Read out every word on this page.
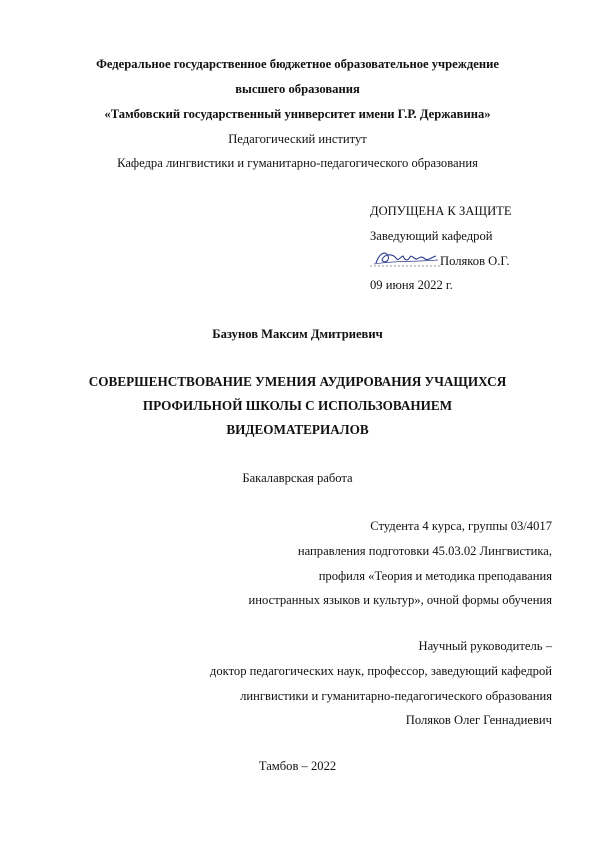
Федеральное государственное бюджетное образовательное учреждение
высшего образования
«Тамбовский государственный университет имени Г.Р. Державина»
Педагогический институт
Кафедра лингвистики и гуманитарно-педагогического образования
ДОПУЩЕНА К ЗАЩИТЕ
Заведующий кафедрой
Поляков О.Г.
09 июня 2022 г.
Базунов Максим Дмитриевич
СОВЕРШЕНСТВОВАНИЕ УМЕНИЯ АУДИРОВАНИЯ УЧАЩИХСЯ
ПРОФИЛЬНОЙ ШКОЛЫ С ИСПОЛЬЗОВАНИЕМ
ВИДЕОМАТЕРИАЛОВ
Бакалаврская работа
Студента 4 курса, группы 03/4017
направления подготовки 45.03.02 Лингвистика,
профиля «Теория и методика преподавания
иностранных языков и культур», очной формы обучения
Научный руководитель –
доктор педагогических наук, профессор, заведующий кафедрой
лингвистики и гуманитарно-педагогического образования
Поляков Олег Геннадиевич
Тамбов – 2022
